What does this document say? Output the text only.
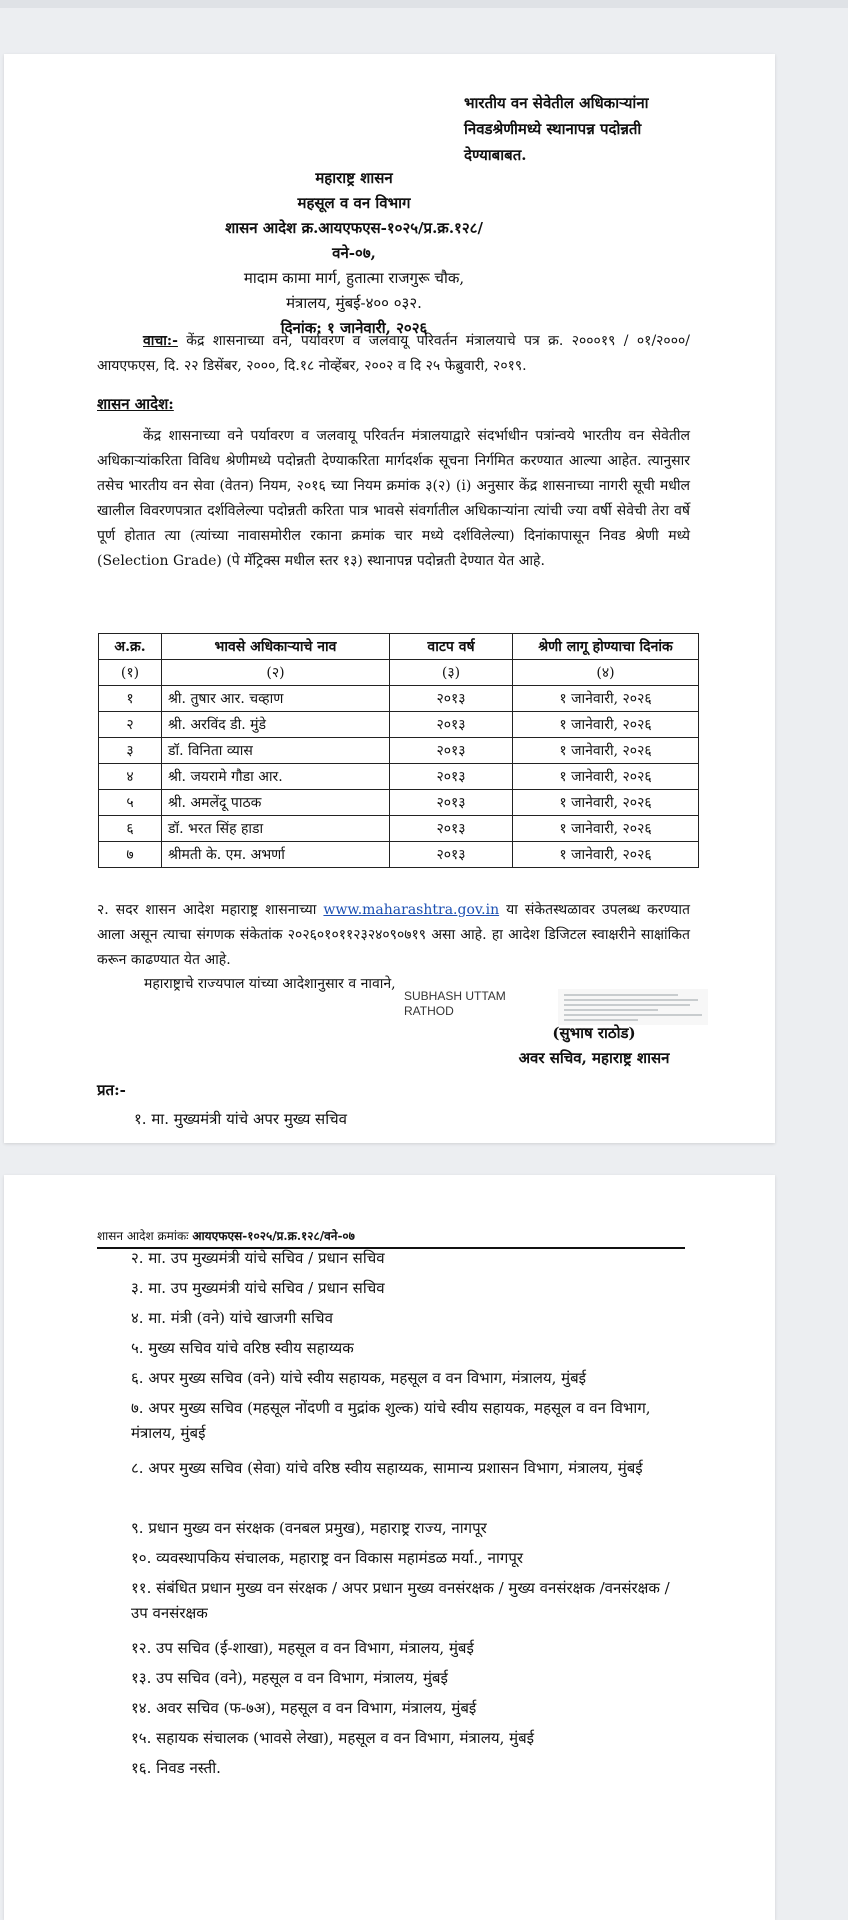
भारतीय वन सेवेतील अधिकाऱ्यांना
निवडश्रेणीमध्ये स्थानापन्न पदोन्नती
देण्याबाबत.
महाराष्ट्र शासन
महसूल व वन विभाग
शासन आदेश क्र.आयएफएस-१०२५/प्र.क्र.१२८/वने-०७,
मादाम कामा मार्ग, हुतात्मा राजगुरू चौक,
मंत्रालय, मुंबई-४०० ०३२.
दिनांक: १ जानेवारी, २०२६
वाचा:- केंद्र शासनाच्या वने, पर्यावरण व जलवायू परिवर्तन मंत्रालयाचे पत्र क्र. २०००१९ / ०१/२०००/आयएफएस, दि. २२ डिसेंबर, २०००, दि.१८ नोव्हेंबर, २००२ व दि २५ फेब्रुवारी, २०१९.
शासन आदेश:
केंद्र शासनाच्या वने पर्यावरण व जलवायू परिवर्तन मंत्रालयाद्वारे संदर्भाधीन पत्रांन्वये भारतीय वन सेवेतील अधिकाऱ्यांकरिता विविध श्रेणीमध्ये पदोन्नती देण्याकरिता मार्गदर्शक सूचना निर्गमित करण्यात आल्या आहेत. त्यानुसार तसेच भारतीय वन सेवा (वेतन) नियम, २०१६ च्या नियम क्रमांक ३(२) (i) अनुसार केंद्र शासनाच्या नागरी सूची मधील खालील विवरणपत्रात दर्शविलेल्या पदोन्नती करिता पात्र भावसे संवर्गातील अधिकाऱ्यांना त्यांची ज्या वर्षी सेवेची तेरा वर्षे पूर्ण होतात त्या (त्यांच्या नावासमोरील रकाना क्रमांक चार मध्ये दर्शविलेल्या) दिनांकापासून निवड श्रेणी मध्ये (Selection Grade) (पे मॅट्रिक्स मधील स्तर १३) स्थानापन्न पदोन्नती देण्यात येत आहे.
अ.क्र.	भावसे अधिकाऱ्याचे नाव	वाटप वर्ष	श्रेणी लागू होण्याचा दिनांक
(१)	(२)	(३)	(४)
१	श्री. तुषार आर. चव्हाण	२०१३	१ जानेवारी, २०२६
२	श्री. अरविंद डी. मुंडे	२०१३	१ जानेवारी, २०२६
३	डॉ. विनिता व्यास	२०१३	१ जानेवारी, २०२६
४	श्री. जयरामे गौडा आर.	२०१३	१ जानेवारी, २०२६
५	श्री. अमलेंदू पाठक	२०१३	१ जानेवारी, २०२६
६	डॉ. भरत सिंह हाडा	२०१३	१ जानेवारी, २०२६
७	श्रीमती के. एम. अभर्णा	२०१३	१ जानेवारी, २०२६
२. सदर शासन आदेश महाराष्ट्र शासनाच्या www.maharashtra.gov.in या संकेतस्थळावर उपलब्ध करण्यात आला असून त्याचा संगणक संकेतांक २०२६०१०११२३२४०९०७१९ असा आहे. हा आदेश डिजिटल स्वाक्षरीने साक्षांकित करून काढण्यात येत आहे.
महाराष्ट्राचे राज्यपाल यांच्या आदेशानुसार व नावाने,
SUBHASH UTTAM
RATHOD
(सुभाष राठोड)
अवर सचिव, महाराष्ट्र शासन
प्रत:-
१. मा. मुख्यमंत्री यांचे अपर मुख्य सचिव
शासन आदेश क्रमांकः आयएफएस-१०२५/प्र.क्र.१२८/वने-०७
२. मा. उप मुख्यमंत्री यांचे सचिव / प्रधान सचिव
३. मा. उप मुख्यमंत्री यांचे सचिव / प्रधान सचिव
४. मा. मंत्री (वने) यांचे खाजगी सचिव
५. मुख्य सचिव यांचे वरिष्ठ स्वीय सहाय्यक
६. अपर मुख्य सचिव (वने) यांचे स्वीय सहायक, महसूल व वन विभाग, मंत्रालय, मुंबई
७. अपर मुख्य सचिव (महसूल नोंदणी व मुद्रांक शुल्क) यांचे स्वीय सहायक, महसूल व वन विभाग, मंत्रालय, मुंबई
८. अपर मुख्य सचिव (सेवा) यांचे वरिष्ठ स्वीय सहाय्यक, सामान्य प्रशासन विभाग, मंत्रालय, मुंबई
९. प्रधान मुख्य वन संरक्षक (वनबल प्रमुख), महाराष्ट्र राज्य, नागपूर
१०. व्यवस्थापकिय संचालक, महाराष्ट्र वन विकास महामंडळ मर्या., नागपूर
११. संबंधित प्रधान मुख्य वन संरक्षक / अपर प्रधान मुख्य वनसंरक्षक / मुख्य वनसंरक्षक /वनसंरक्षक / उप वनसंरक्षक
१२. उप सचिव (ई-शाखा), महसूल व वन विभाग, मंत्रालय, मुंबई
१३. उप सचिव (वने), महसूल व वन विभाग, मंत्रालय, मुंबई
१४. अवर सचिव (फ-७अ), महसूल व वन विभाग, मंत्रालय, मुंबई
१५. सहायक संचालक (भावसे लेखा), महसूल व वन विभाग, मंत्रालय, मुंबई
१६. निवड नस्ती.
